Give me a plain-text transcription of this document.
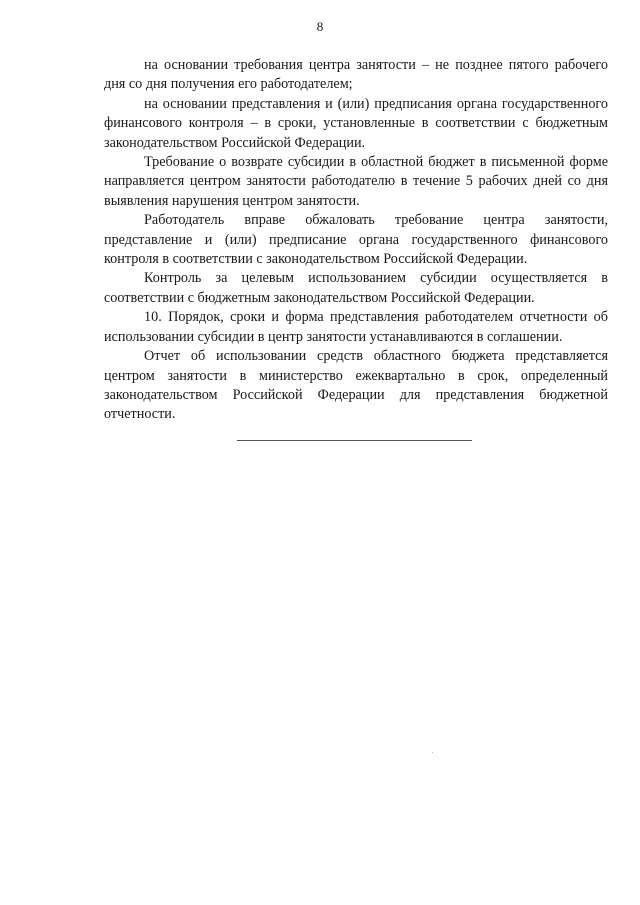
8

на основании требования центра занятости – не позднее пятого рабочего дня со дня получения его работодателем;

на основании представления и (или) предписания органа государственного финансового контроля – в сроки, установленные в соответствии с бюджетным законодательством Российской Федерации.

Требование о возврате субсидии в областной бюджет в письменной форме направляется центром занятости работодателю в течение 5 рабочих дней со дня выявления нарушения центром занятости.

Работодатель вправе обжаловать требование центра занятости, представление и (или) предписание органа государственного финансового контроля в соответствии с законодательством Российской Федерации.

Контроль за целевым использованием субсидии осуществляется в соответствии с бюджетным законодательством Российской Федерации.

10. Порядок, сроки и форма представления работодателем отчетности об использовании субсидии в центр занятости устанавливаются в соглашении.

Отчет об использовании средств областного бюджета представляется центром занятости в министерство ежеквартально в срок, определенный законодательством Российской Федерации для представления бюджетной отчетности.
